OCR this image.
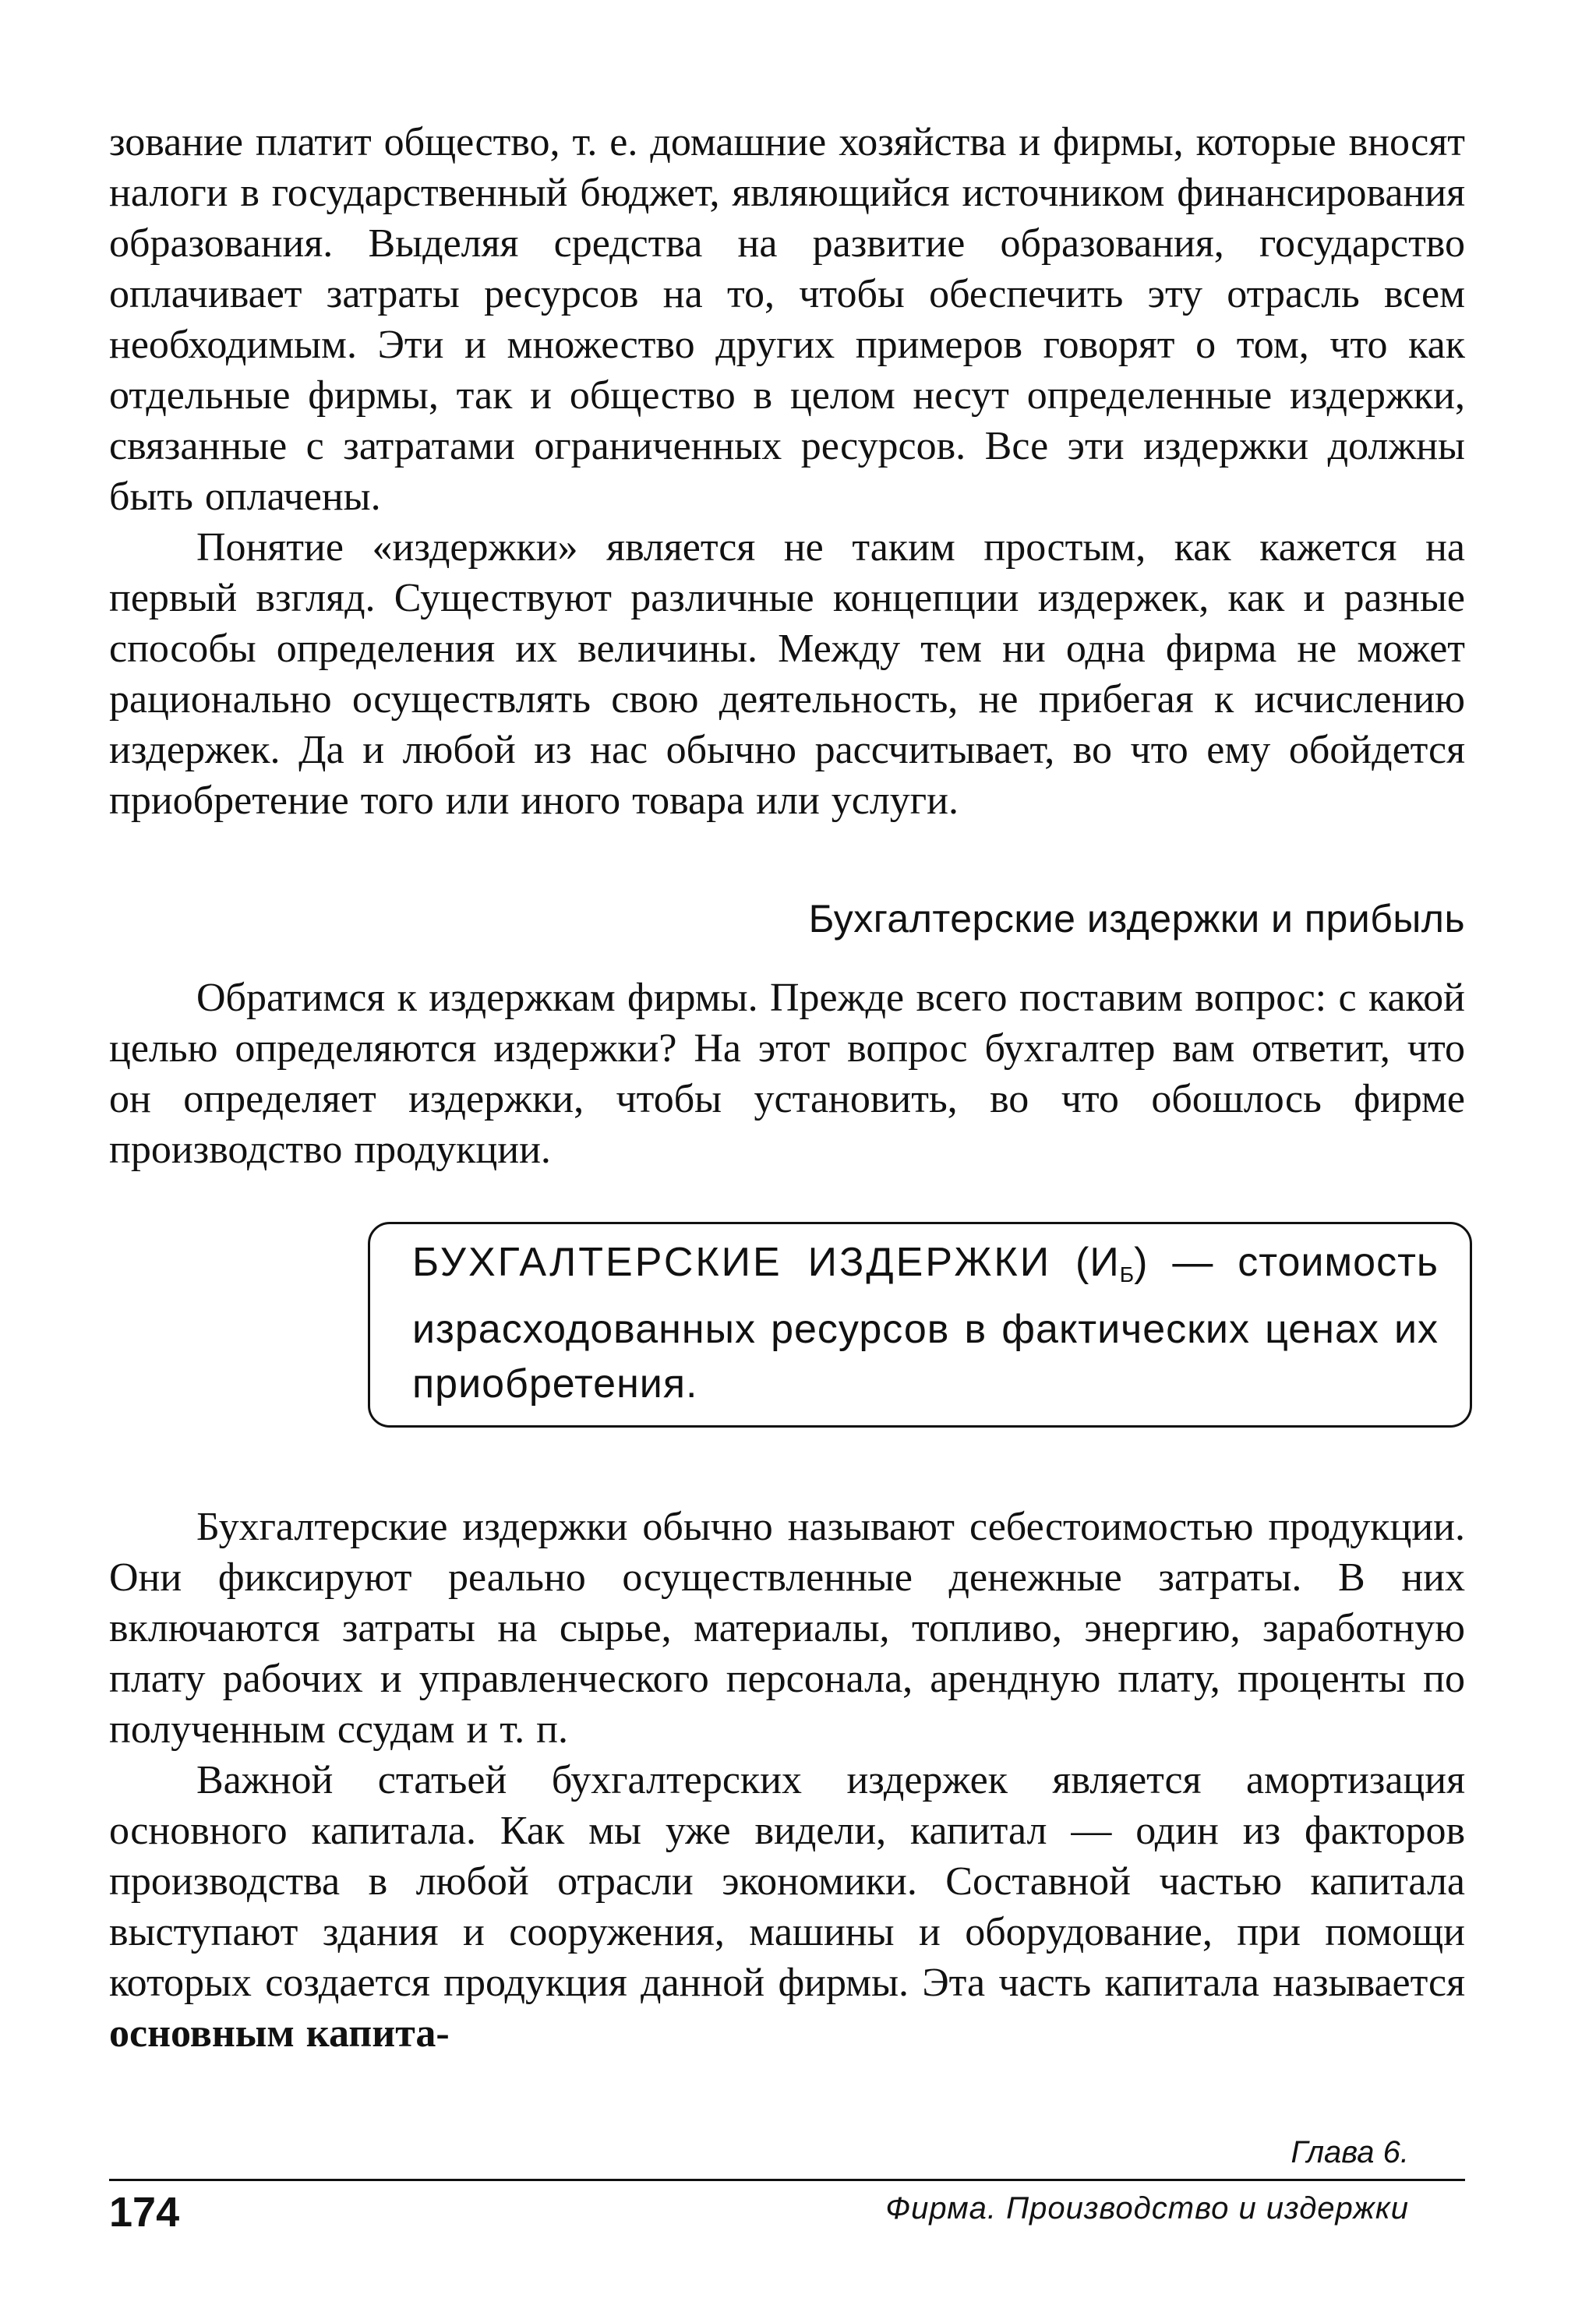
зование платит общество, т. е. домашние хозяйства и фирмы, которые вносят налоги в государственный бюджет, являющийся источником финансирования образования. Выделяя средства на развитие образования, государство оплачивает затраты ресурсов на то, чтобы обеспечить эту отрасль всем необходимым. Эти и множество других примеров говорят о том, что как отдельные фирмы, так и общество в целом несут определенные издержки, связанные с затратами ограниченных ресурсов. Все эти издержки должны быть оплачены.

Понятие «издержки» является не таким простым, как кажется на первый взгляд. Существуют различные концепции издержек, как и разные способы определения их величины. Между тем ни одна фирма не может рационально осуществлять свою деятельность, не прибегая к исчислению издержек. Да и любой из нас обычно рассчитывает, во что ему обойдется приобретение того или иного товара или услуги.

Бухгалтерские издержки и прибыль

Обратимся к издержкам фирмы. Прежде всего поставим вопрос: с какой целью определяются издержки? На этот вопрос бухгалтер вам ответит, что он определяет издержки, чтобы установить, во что обошлось фирме производство продукции.

БУХГАЛТЕРСКИЕ ИЗДЕРЖКИ (ИБ) — стоимость израсходованных ресурсов в фактических ценах их приобретения.

Бухгалтерские издержки обычно называют себестоимостью продукции. Они фиксируют реально осуществленные денежные затраты. В них включаются затраты на сырье, материалы, топливо, энергию, заработную плату рабочих и управленческого персонала, арендную плату, проценты по полученным ссудам и т. п.

Важной статьей бухгалтерских издержек является амортизация основного капитала. Как мы уже видели, капитал — один из факторов производства в любой отрасли экономики. Составной частью капитала выступают здания и сооружения, машины и оборудование, при помощи которых создается продукция данной фирмы. Эта часть капитала называется основным капита-

Глава 6.
174	Фирма. Производство и издержки
